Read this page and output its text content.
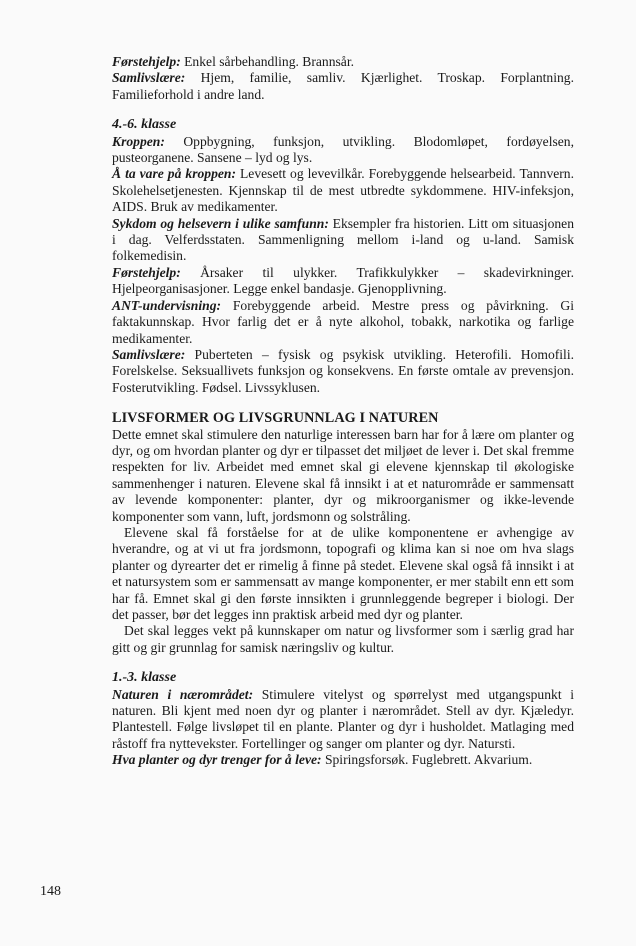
Førstehjelp: Enkel sårbehandling. Brannsår.

Samlivslære: Hjem, familie, samliv. Kjærlighet. Troskap. Forplantning. Familieforhold i andre land.

4.-6. klasse

Kroppen: Oppbygning, funksjon, utvikling. Blodomløpet, fordøyelsen, pusteorganene. Sansene – lyd og lys.

Å ta vare på kroppen: Levesett og levevilkår. Forebyggende helsearbeid. Tannvern. Skolehelsetjenesten. Kjennskap til de mest utbredte sykdommene. HIV-infeksjon, AIDS. Bruk av medikamenter.

Sykdom og helsevern i ulike samfunn: Eksempler fra historien. Litt om situasjonen i dag. Velferdsstaten. Sammenligning mellom i-land og u-land. Samisk folkemedisin.

Førstehjelp: Årsaker til ulykker. Trafikkulykker – skadevirkninger. Hjelpeorganisasjoner. Legge enkel bandasje. Gjenopplivning.

ANT-undervisning: Forebyggende arbeid. Mestre press og påvirkning. Gi faktakunnskap. Hvor farlig det er å nyte alkohol, tobakk, narkotika og farlige medikamenter.

Samlivslære: Puberteten – fysisk og psykisk utvikling. Heterofili. Homofili. Forelskelse. Seksuallivets funksjon og konsekvens. En første omtale av prevensjon. Fosterutvikling. Fødsel. Livssyklusen.

LIVSFORMER OG LIVSGRUNNLAG I NATUREN

Dette emnet skal stimulere den naturlige interessen barn har for å lære om planter og dyr, og om hvordan planter og dyr er tilpasset det miljøet de lever i. Det skal fremme respekten for liv. Arbeidet med emnet skal gi elevene kjennskap til økologiske sammenhenger i naturen. Elevene skal få innsikt i at et naturområde er sammensatt av levende komponenter: planter, dyr og mikroorganismer og ikke-levende komponenter som vann, luft, jordsmonn og solstråling.

Elevene skal få forståelse for at de ulike komponentene er avhengige av hverandre, og at vi ut fra jordsmonn, topografi og klima kan si noe om hva slags planter og dyrearter det er rimelig å finne på stedet. Elevene skal også få innsikt i at et natursystem som er sammensatt av mange komponenter, er mer stabilt enn ett som har få. Emnet skal gi den første innsikten i grunnleggende begreper i biologi. Der det passer, bør det legges inn praktisk arbeid med dyr og planter.

Det skal legges vekt på kunnskaper om natur og livsformer som i særlig grad har gitt og gir grunnlag for samisk næringsliv og kultur.

1.-3. klasse

Naturen i nærområdet: Stimulere vitelyst og spørrelyst med utgangspunkt i naturen. Bli kjent med noen dyr og planter i nærområdet. Stell av dyr. Kjæledyr. Plantestell. Følge livsløpet til en plante. Planter og dyr i husholdet. Matlaging med råstoff fra nyttevekster. Fortellinger og sanger om planter og dyr. Natursti.

Hva planter og dyr trenger for å leve: Spiringsforsøk. Fuglebrett. Akvarium.

148
